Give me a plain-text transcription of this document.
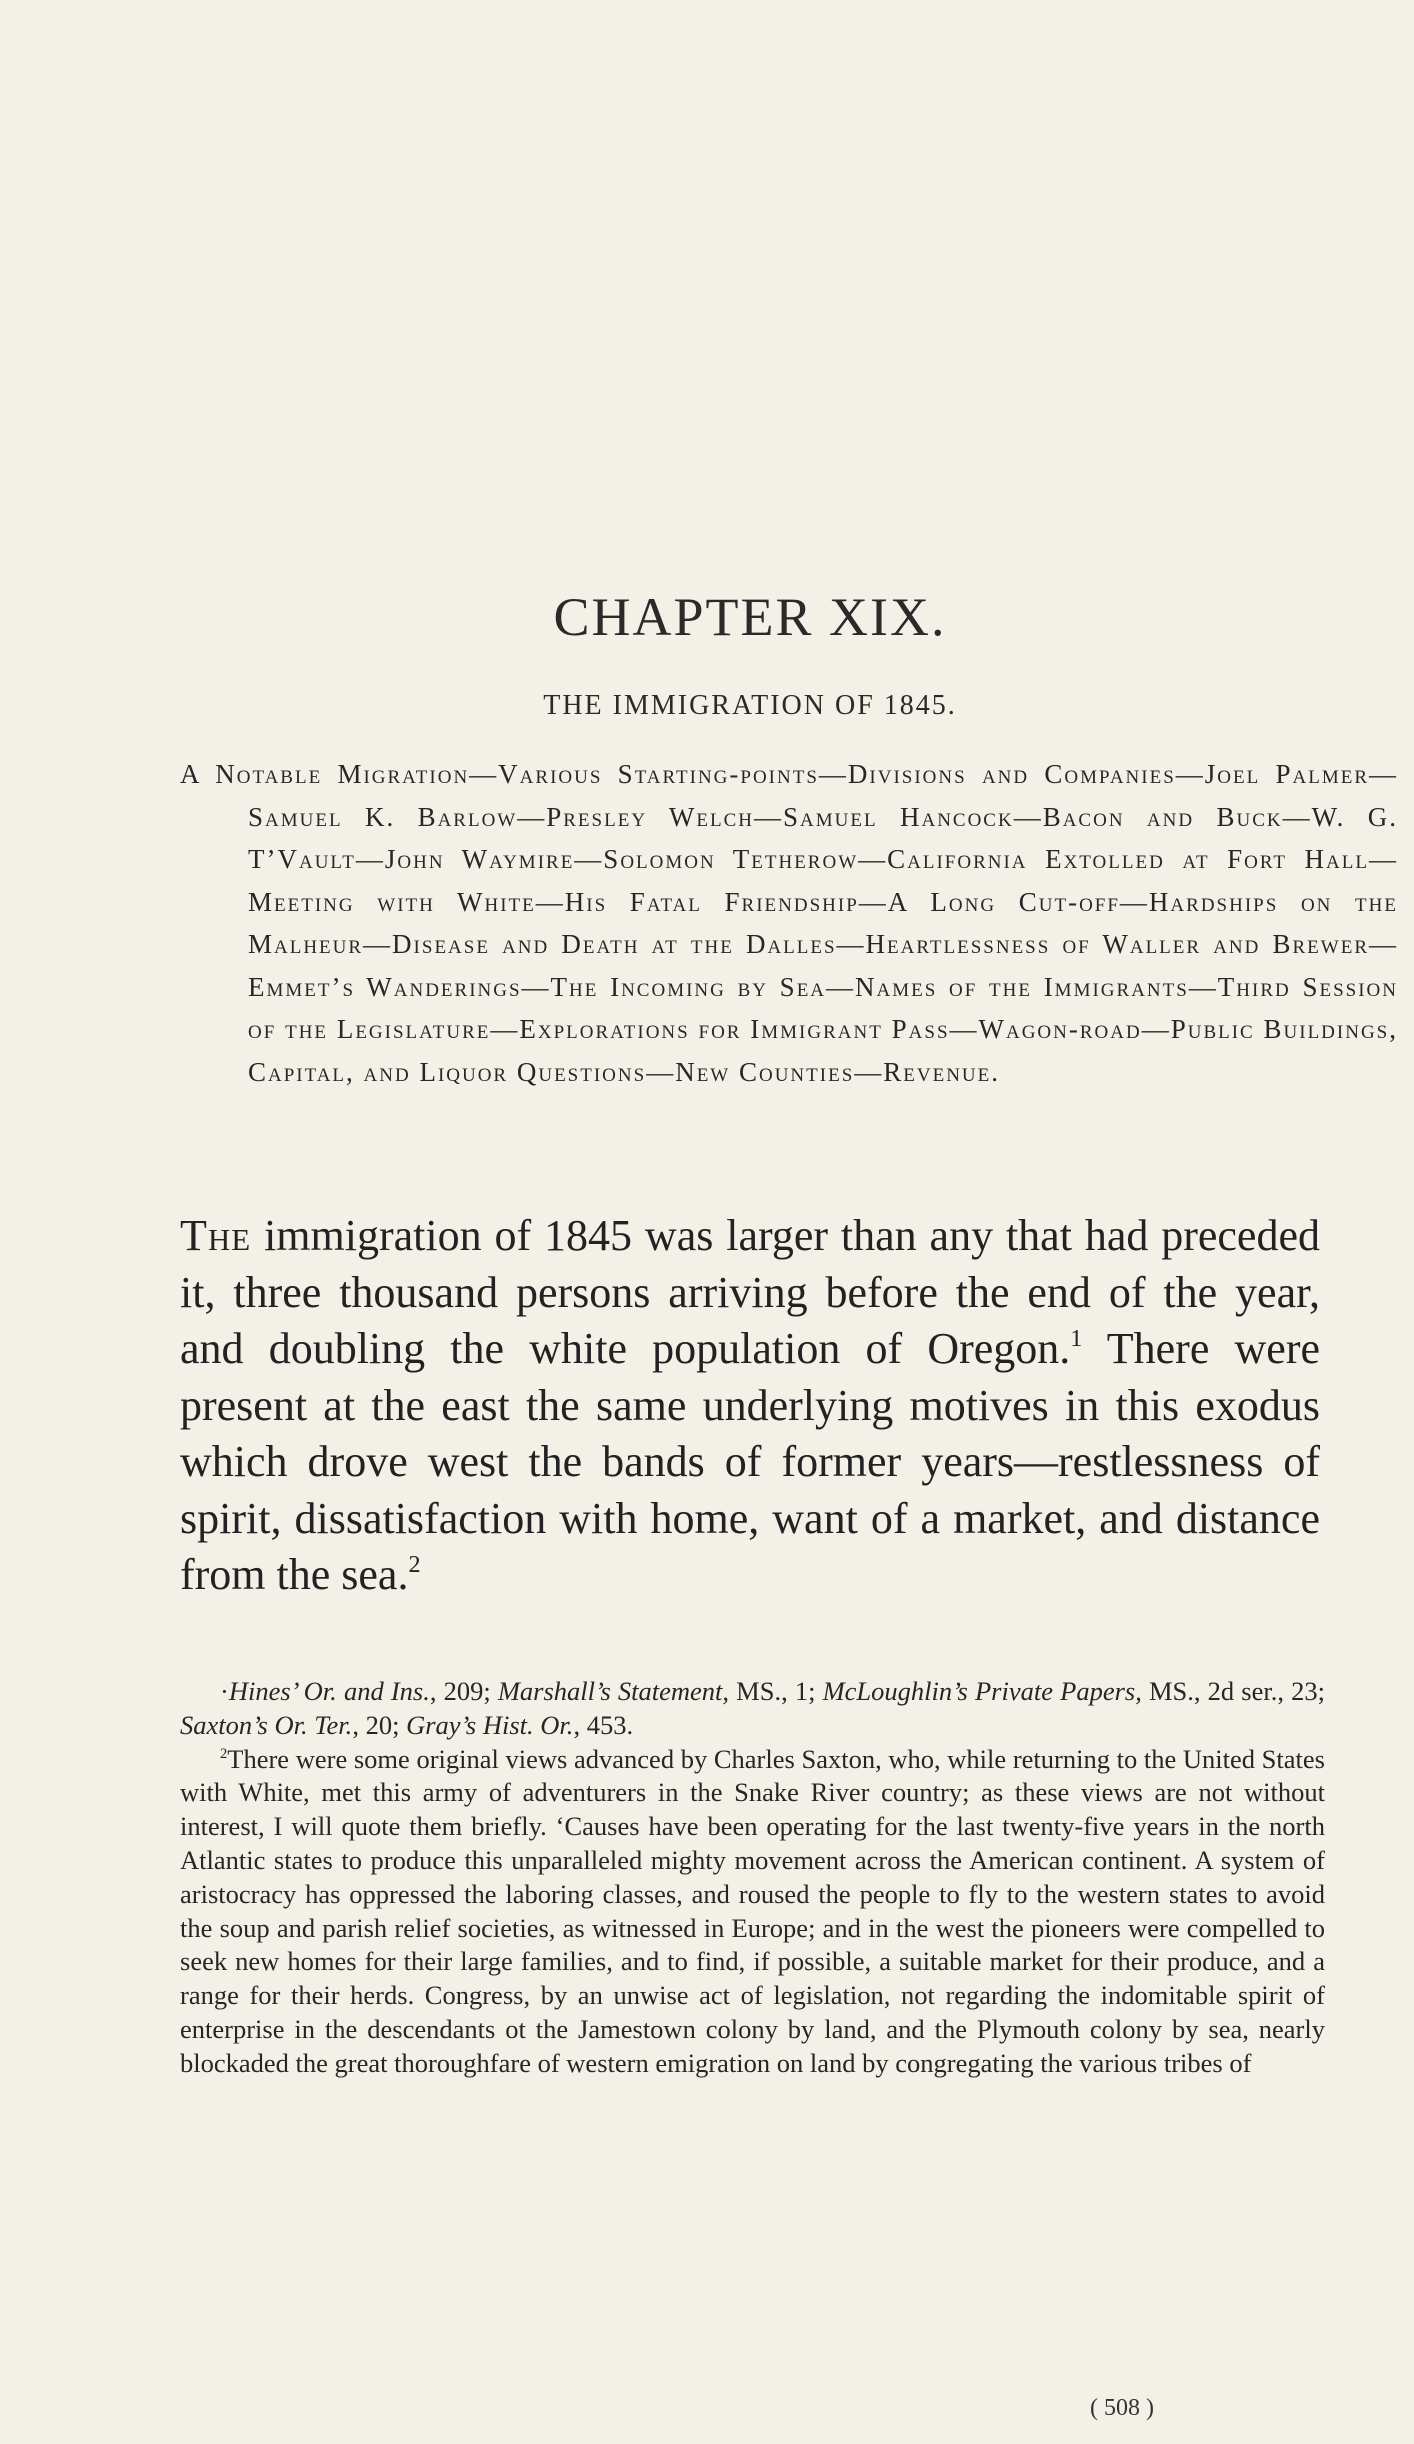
CHAPTER XIX.
THE IMMIGRATION OF 1845.
A Notable Migration—Various Starting-points—Divisions and Companies—Joel Palmer—Samuel K. Barlow—Presley Welch—Samuel Hancock—Bacon and Buck—W. G. T’Vault—John Waymire—Solomon Tetherow—California Extolled at Fort Hall—Meeting with White—His Fatal Friendship—A Long Cut-off—Hardships on the Malheur—Disease and Death at the Dalles—Heartlessness of Waller and Brewer—Emmet’s Wanderings—The Incoming by Sea—Names of the Immigrants—Third Session of the Legislature—Explorations for Immigrant Pass—Wagon-road—Public Buildings, Capital, and Liquor Questions—New Counties—Revenue.
The immigration of 1845 was larger than any that had preceded it, three thousand persons arriving before the end of the year, and doubling the white population of Oregon.$^1$ There were present at the east the same underlying motives in this exodus which drove west the bands of former years—restlessness of spirit, dissatisfaction with home, want of a market, and distance from the sea.$^2$

·Hines’ Or. and Ins., 209; Marshall’s Statement, MS., 1; McLoughlin’s Private Papers, MS., 2d ser., 23; Saxton’s Or. Ter., 20; Gray’s Hist. Or., 453.

$^2$There were some original views advanced by Charles Saxton, who, while returning to the United States with White, met this army of adventurers in the Snake River country; as these views are not without interest, I will quote them briefly. ‘Causes have been operating for the last twenty-five years in the north Atlantic states to produce this unparalleled mighty movement across the American continent. A system of aristocracy has oppressed the laboring classes, and roused the people to fly to the western states to avoid the soup and parish relief societies, as witnessed in Europe; and in the west the pioneers were compelled to seek new homes for their large families, and to find, if possible, a suitable market for their produce, and a range for their herds. Congress, by an unwise act of legislation, not regarding the indomitable spirit of enterprise in the descendants ot the Jamestown colony by land, and the Plymouth colony by sea, nearly blockaded the great thoroughfare of western emigration on land by congregating the various tribes of

( 508 )
